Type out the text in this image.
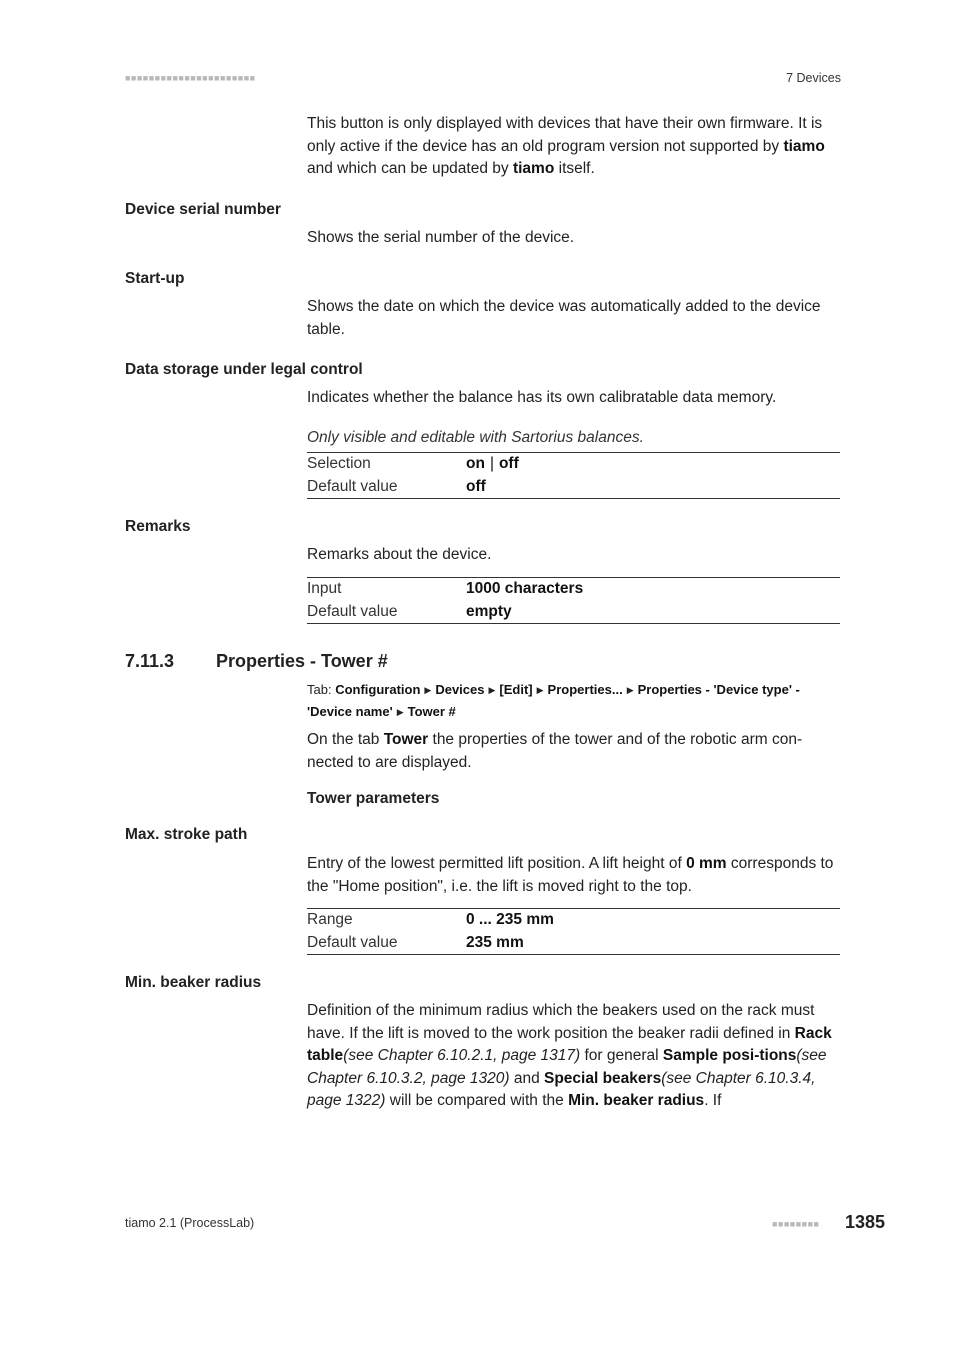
■■■■■■■■■■■■■■■■■■■■■■	7 Devices

This button is only displayed with devices that have their own firmware. It is only active if the device has an old program version not supported by tiamo and which can be updated by tiamo itself.

Device serial number

Shows the serial number of the device.

Start-up

Shows the date on which the device was automatically added to the device table.

Data storage under legal control

Indicates whether the balance has its own calibratable data memory.

Only visible and editable with Sartorius balances.
Selection	on | off
Default value	off
Remarks

Remarks about the device.

Input	1000 characters
Default value	empty
7.11.3 Properties - Tower #
Tab: Configuration ▶ Devices ▶ [Edit] ▶ Properties... ▶ Properties - 'Device type' -
'Device name' ▶ Tower #

On the tab Tower the properties of the tower and of the robotic arm con-nected to are displayed.

Tower parameters
Max. stroke path

Entry of the lowest permitted lift position. A lift height of 0 mm corresponds to the "Home position", i.e. the lift is moved right to the top.

Range	0 ... 235 mm
Default value	235 mm
Min. beaker radius

Definition of the minimum radius which the beakers used on the rack must have. If the lift is moved to the work position the beaker radii defined in Rack table(see Chapter 6.10.2.1, page 1317) for general Sample posi-tions(see Chapter 6.10.3.2, page 1320) and Special beakers(see Chapter 6.10.3.4, page 1322) will be compared with the Min. beaker radius. If

tiamo 2.1 (ProcessLab)	■■■■■■■■ 1385
